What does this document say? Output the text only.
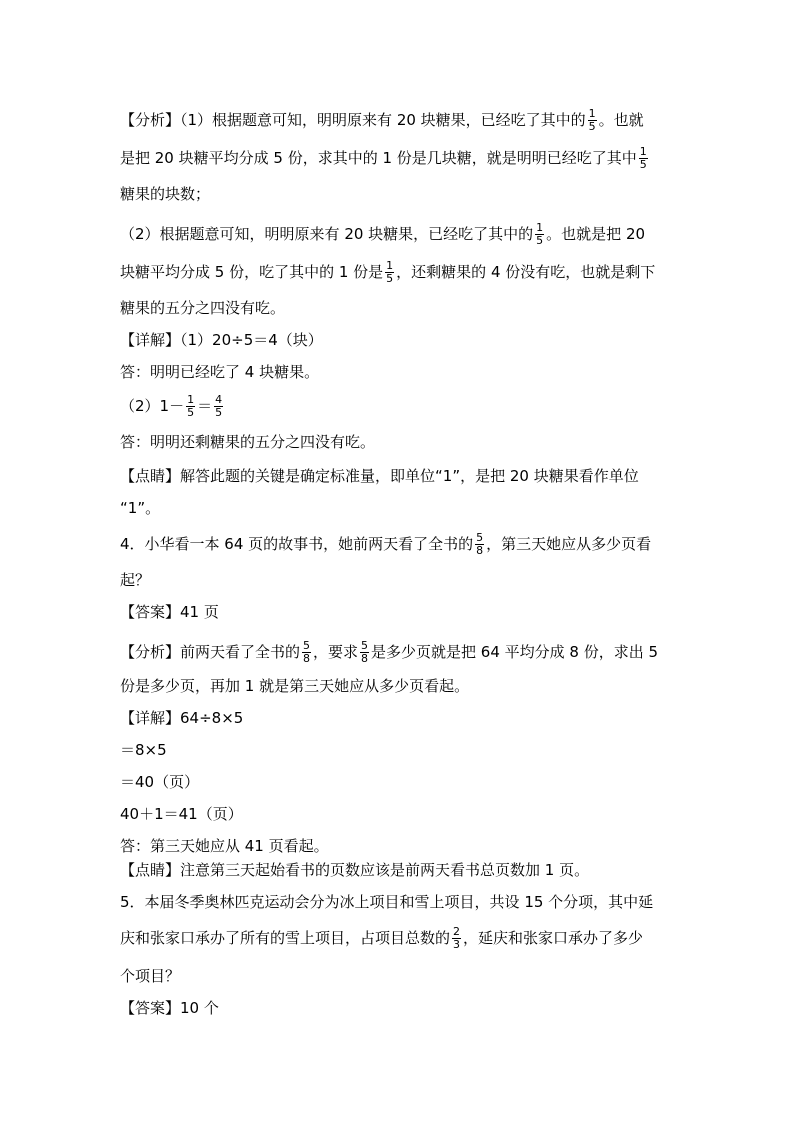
【分析】（1）根据题意可知，明明原来有 20 块糖果，已经吃了其中的 $\frac{1}{5}$ 。也就
是把 20 块糖平均分成 5 份，求其中的 1 份是几块糖，就是明明已经吃了其中 $\frac{1}{5}$
糖果的块数；
（2）根据题意可知，明明原来有 20 块糖果，已经吃了其中的 $\frac{1}{5}$ 。也就是把 20
块糖平均分成 5 份，吃了其中的 1 份是 $\frac{1}{5}$ ，还剩糖果的 4 份没有吃，也就是剩下
糖果的五分之四没有吃。
【详解】（1）20÷5＝4（块）
答：明明已经吃了 4 块糖果。
$(2)1- \frac{1}{5} = \frac{4}{5}$
答：明明还剩糖果的五分之四没有吃。
【点睛】解答此题的关键是确定标准量，即单位“1”，是把 20 块糖果看作单位
“1”。
4．小华看一本 64 页的故事书，她前两天看了全书的 $\frac{5}{8}$ ，第三天她应从多少页看
起？
【答案】41 页
【分析】前两天看了全书的 $\frac{5}{8}$ ，要求 $\frac{5}{8}$ 是多少页就是把 64 平均分成 8 份，求出 5
份是多少页，再加 1 就是第三天她应从多少页看起。
【详解】64÷8×5
＝8×5
＝40（页）
40＋1＝41（页）
答：第三天她应从 41 页看起。
【点睛】注意第三天起始看书的页数应该是前两天看书总页数加 1 页。
5．本届冬季奥林匹克运动会分为冰上项目和雪上项目，共设 15 个分项，其中延
庆和张家口承办了所有的雪上项目，占项目总数的 $\frac{2}{3}$ ，延庆和张家口承办了多少
个项目？
【答案】10 个
